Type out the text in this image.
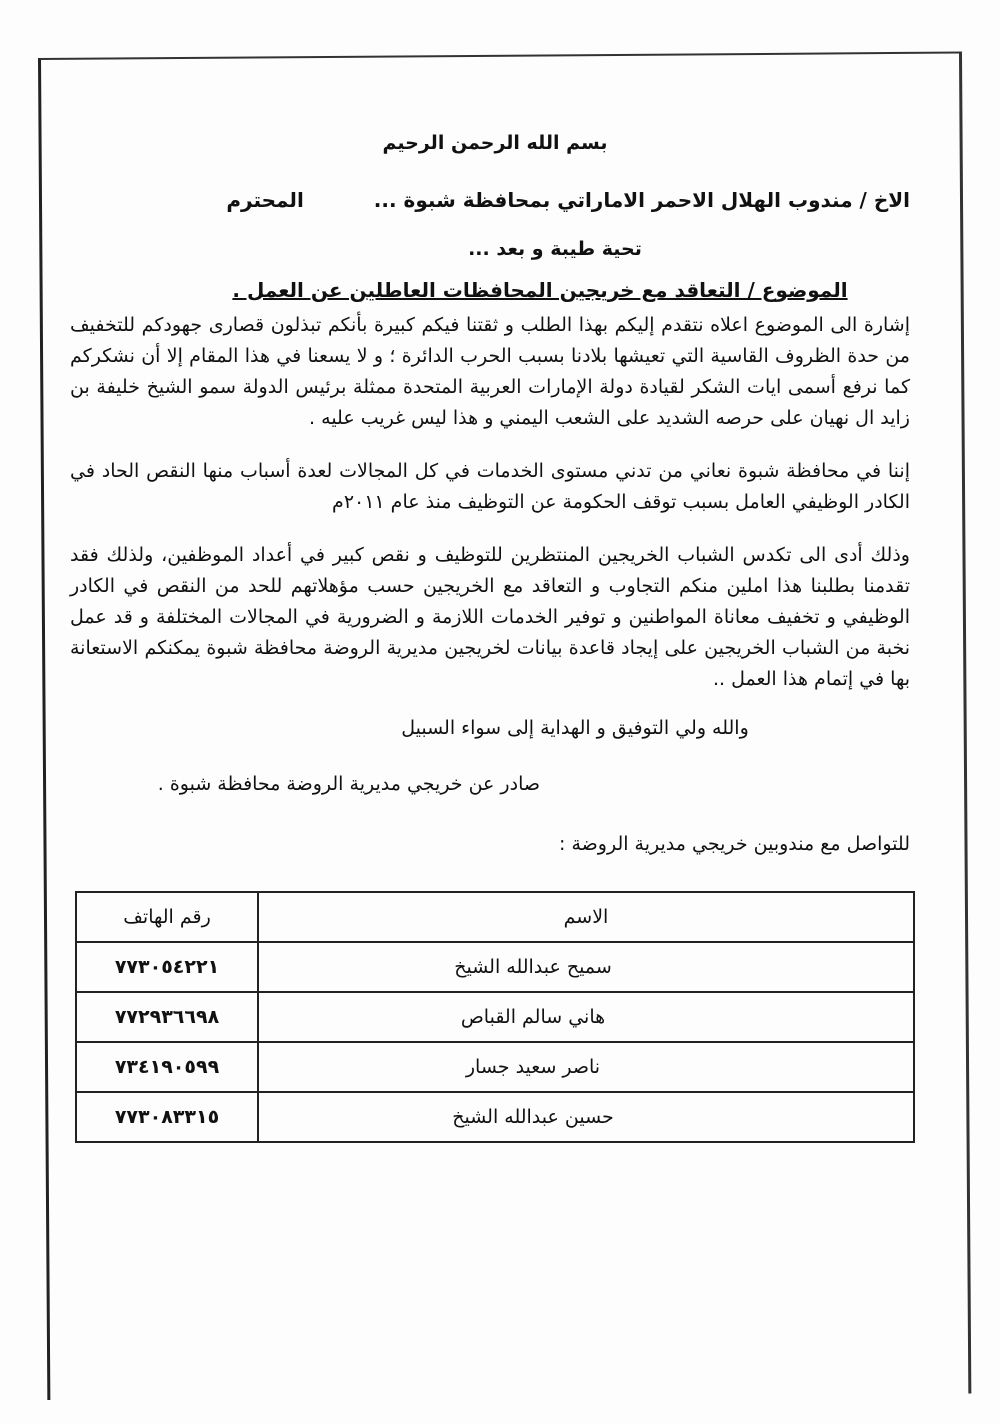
بسم الله الرحمن الرحيم
الاخ / مندوب الهلال الاحمر الاماراتي بمحافظة شبوة ...
المحترم
تحية طيبة و بعد ...
الموضوع / التعاقد مع خريجين المحافظات العاطلين عن العمل .

إشارة الى الموضوع اعلاه نتقدم إليكم بهذا الطلب و ثقتنا فيكم كبيرة بأنكم تبذلون قصارى جهودكم للتخفيف من حدة الظروف القاسية التي تعيشها بلادنا بسبب الحرب الدائرة ؛ و لا يسعنا في هذا المقام إلا أن نشكركم كما نرفع أسمى ايات الشكر لقيادة دولة الإمارات العربية المتحدة ممثلة برئيس الدولة سمو الشيخ خليفة بن زايد ال نهيان على حرصه الشديد على الشعب اليمني و هذا ليس غريب عليه .

إننا في محافظة شبوة نعاني من تدني مستوى الخدمات في كل المجالات لعدة أسباب منها النقص الحاد في الكادر الوظيفي العامل بسبب توقف الحكومة عن التوظيف منذ عام ٢٠١١م

وذلك أدى الى تكدس الشباب الخريجين المنتظرين للتوظيف و نقص كبير في أعداد الموظفين، ولذلك فقد تقدمنا بطلبنا هذا املين منكم التجاوب و التعاقد مع الخريجين حسب مؤهلاتهم للحد من النقص في الكادر الوظيفي و تخفيف معاناة المواطنين و توفير الخدمات اللازمة و الضرورية في المجالات المختلفة و قد عمل نخبة من الشباب الخريجين على إيجاد قاعدة بيانات لخريجين مديرية الروضة محافظة شبوة يمكنكم الاستعانة بها في إتمام هذا العمل ..

والله ولي التوفيق و الهداية إلى سواء السبيل
صادر عن خريجي مديرية الروضة محافظة شبوة .
للتواصل مع مندوبين خريجي مديرية الروضة :
الاسم	رقم الهاتف
سميح عبدالله الشيخ	٧٧٣٠٥٤٢٢١
هاني سالم القباص	٧٧٢٩٣٦٦٩٨
ناصر سعيد جسار	٧٣٤١٩٠٥٩٩
حسين عبدالله الشيخ	٧٧٣٠٨٣٣١٥
